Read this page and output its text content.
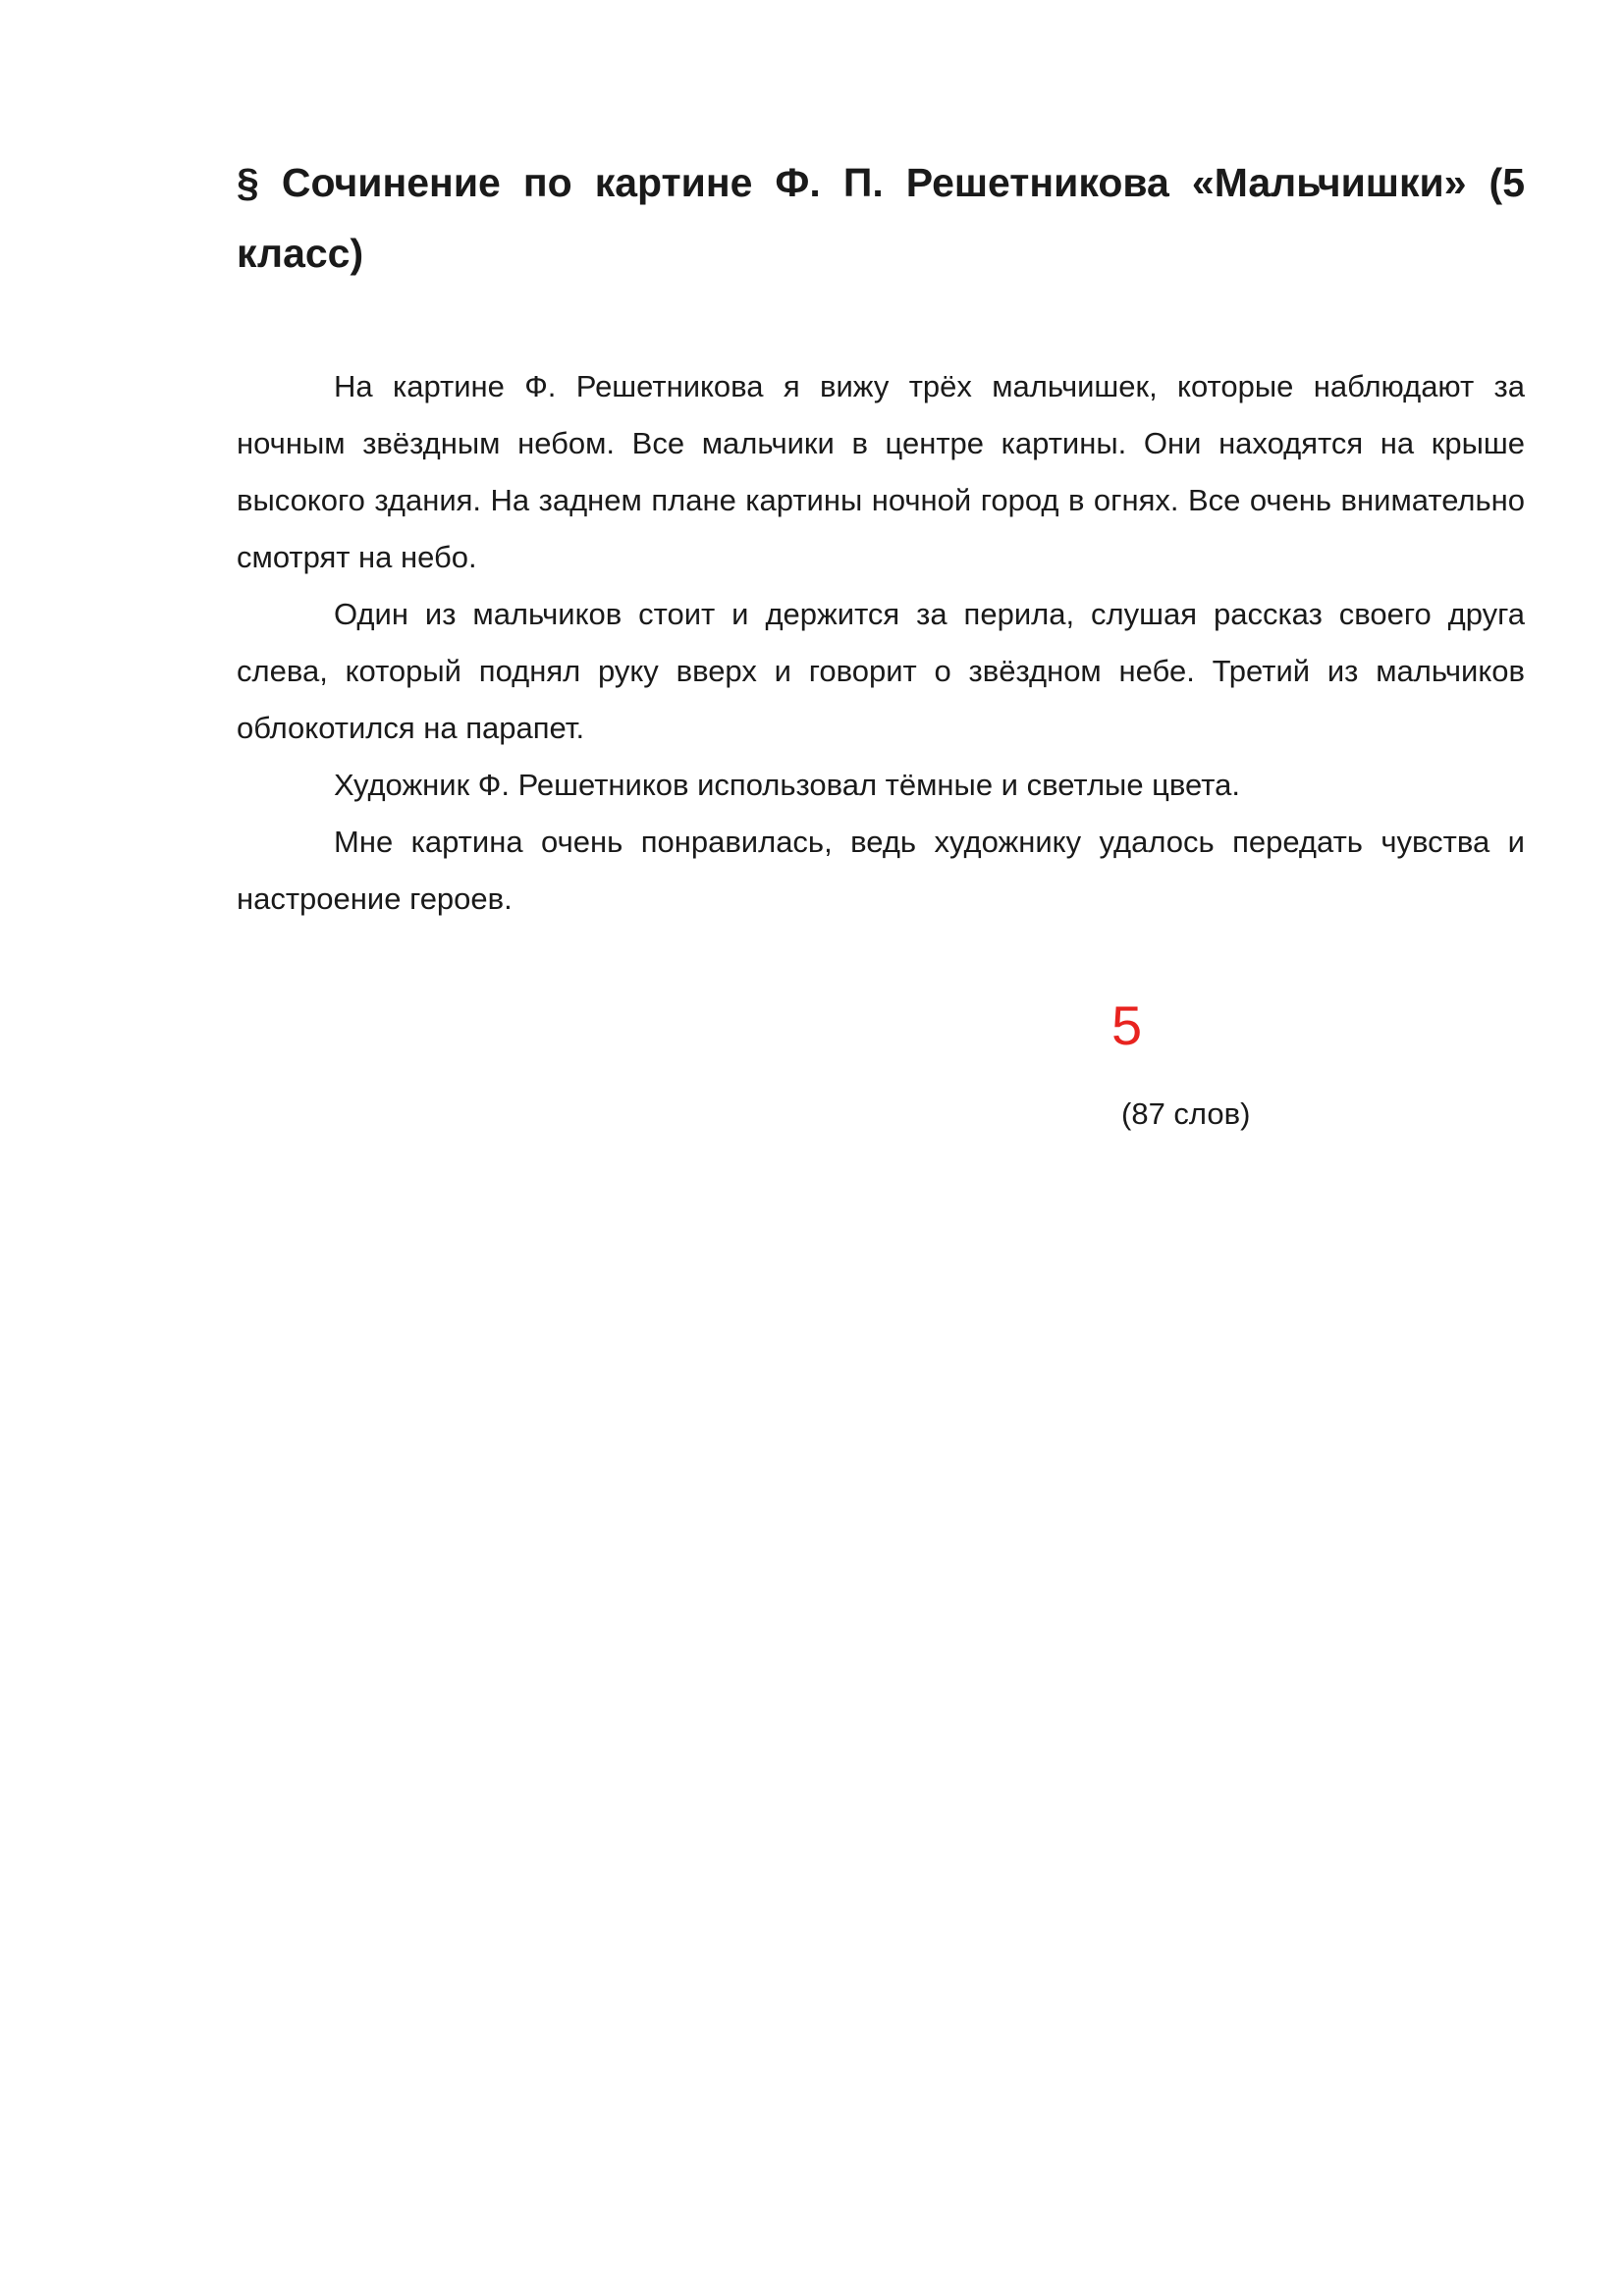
§ Сочинение по картине Ф. П. Решетникова «Мальчишки» (5 класс)

На картине Ф. Решетникова я вижу трёх мальчишек, которые наблюдают за ночным звёздным небом. Все мальчики в центре картины. Они находятся на крыше высокого здания. На заднем плане картины ночной город в огнях. Все очень внимательно смотрят на небо.

Один из мальчиков стоит и держится за перила, слушая рассказ своего друга слева, который поднял руку вверх и говорит о звёздном небе. Третий из мальчиков облокотился на парапет.

Художник Ф. Решетников использовал тёмные и светлые цвета.

Мне картина очень понравилась, ведь художнику удалось передать чувства и настроение героев.

5
(87 слов)
